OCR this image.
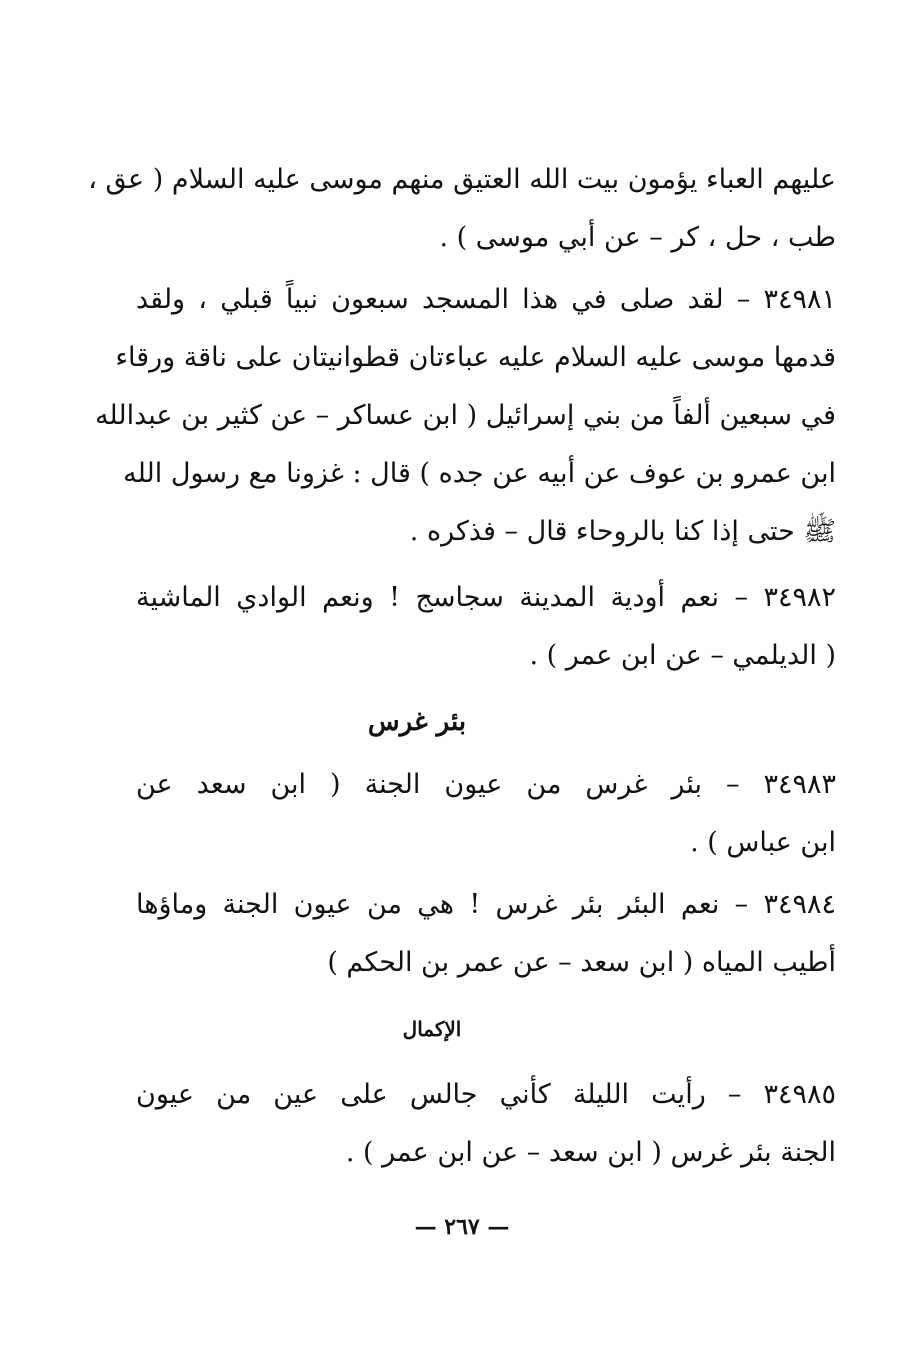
عليهم العباء يؤمون بيت الله العتيق منهم موسى عليه السلام ( عق ،
طب ، حل ، كر – عن أبي موسى ) .
٣٤٩٨١ – لقد صلى في هذا المسجد سبعون نبياً قبلي ، ولقد
قدمها موسى عليه السلام عليه عباءتان قطوانيتان على ناقة ورقاء
في سبعين ألفاً من بني إسرائيل ( ابن عساكر – عن كثير بن عبدالله
ابن عمرو بن عوف عن أبيه عن جده ) قال : غزونا مع رسول الله
ﷺ حتى إذا كنا بالروحاء قال – فذكره .
٣٤٩٨٢ – نعم أودية المدينة سجاسج ! ونعم الوادي الماشية
( الديلمي – عن ابن عمر ) .
بئر غرس
٣٤٩٨٣ – بئر غرس من عيون الجنة ( ابن سعد عن
ابن عباس ) .
٣٤٩٨٤ – نعم البئر بئر غرس ! هي من عيون الجنة وماؤها
أطيب المياه ( ابن سعد – عن عمر بن الحكم )
الإكمال
٣٤٩٨٥ – رأيت الليلة كأني جالس على عين من عيون
الجنة بئر غرس ( ابن سعد – عن ابن عمر ) .
— ٢٦٧ —
